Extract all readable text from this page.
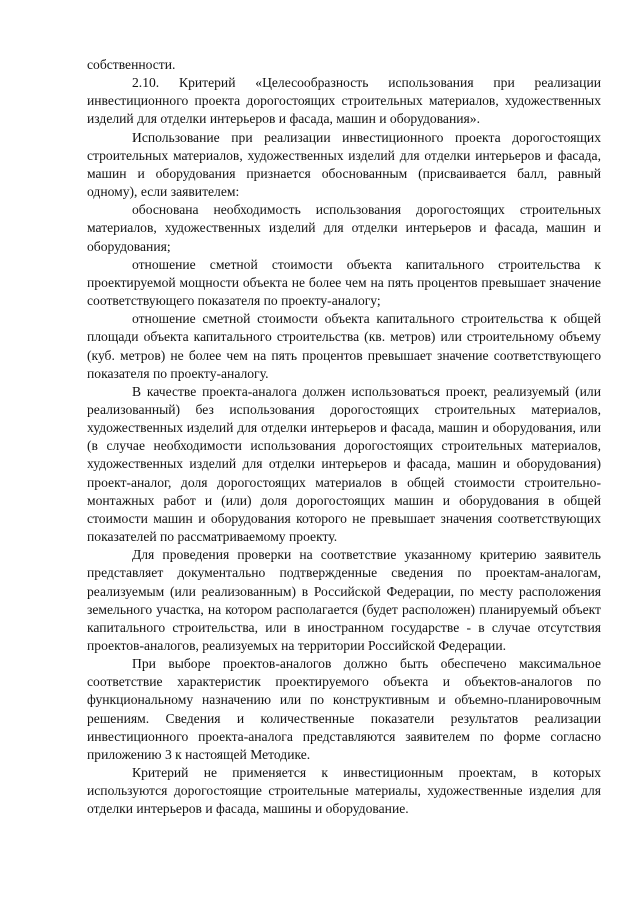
собственности.

2.10. Критерий «Целесообразность использования при реализации инвестиционного проекта дорогостоящих строительных материалов, художественных изделий для отделки интерьеров и фасада, машин и оборудования».

Использование при реализации инвестиционного проекта дорогостоящих строительных материалов, художественных изделий для отделки интерьеров и фасада, машин и оборудования признается обоснованным (присваивается балл, равный одному), если заявителем:

обоснована необходимость использования дорогостоящих строительных материалов, художественных изделий для отделки интерьеров и фасада, машин и оборудования;

отношение сметной стоимости объекта капитального строительства к проектируемой мощности объекта не более чем на пять процентов превышает значение соответствующего показателя по проекту-аналогу;

отношение сметной стоимости объекта капитального строительства к общей площади объекта капитального строительства (кв. метров) или строительному объему (куб. метров) не более чем на пять процентов превышает значение соответствующего показателя по проекту-аналогу.

В качестве проекта-аналога должен использоваться проект, реализуемый (или реализованный) без использования дорогостоящих строительных материалов, художественных изделий для отделки интерьеров и фасада, машин и оборудования, или (в случае необходимости использования дорогостоящих строительных материалов, художественных изделий для отделки интерьеров и фасада, машин и оборудования) проект-аналог, доля дорогостоящих материалов в общей стоимости строительно-монтажных работ и (или) доля дорогостоящих машин и оборудования в общей стоимости машин и оборудования которого не превышает значения соответствующих показателей по рассматриваемому проекту.

Для проведения проверки на соответствие указанному критерию заявитель представляет документально подтвержденные сведения по проектам-аналогам, реализуемым (или реализованным) в Российской Федерации, по месту расположения земельного участка, на котором располагается (будет расположен) планируемый объект капитального строительства, или в иностранном государстве - в случае отсутствия проектов-аналогов, реализуемых на территории Российской Федерации.

При выборе проектов-аналогов должно быть обеспечено максимальное соответствие характеристик проектируемого объекта и объектов-аналогов по функциональному назначению или по конструктивным и объемно-планировочным решениям. Сведения и количественные показатели результатов реализации инвестиционного проекта-аналога представляются заявителем по форме согласно приложению 3 к настоящей Методике.

Критерий не применяется к инвестиционным проектам, в которых используются дорогостоящие строительные материалы, художественные изделия для отделки интерьеров и фасада, машины и оборудование.
